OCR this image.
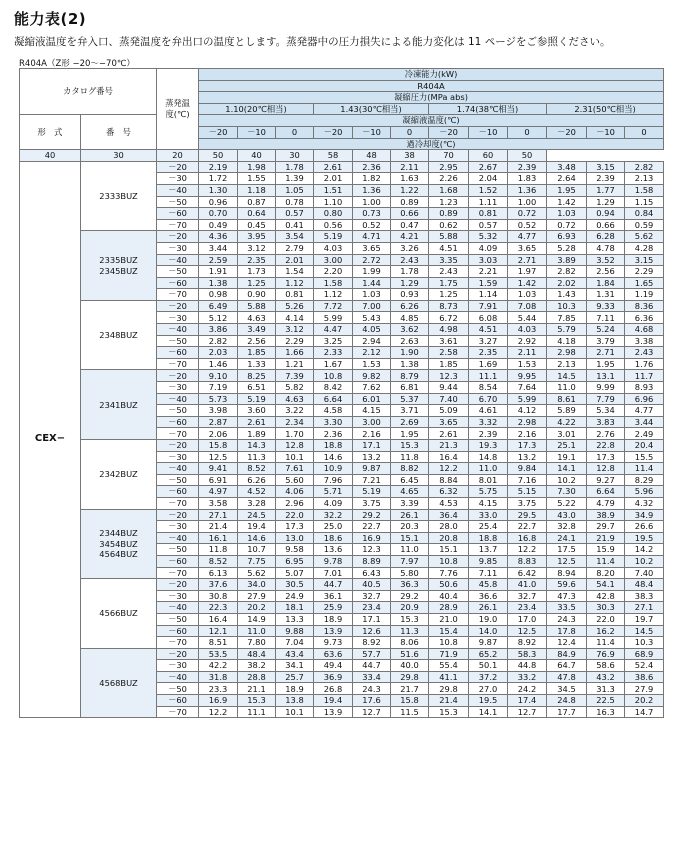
能力表(2)
凝縮液温度を弁入口、蒸発温度を弁出口の温度とします。蒸発器中の圧力損失による能力変化は 11 ページをご参照ください。
R404A（Z形 −20〜−70℃）
カタログ番号		蒸発温度(℃)	冷凍能力(kW)											
			R404A											
			凝縮圧力(MPa abs)											
			1.10(20℃相当)			1.43(30℃相当)			1.74(38℃相当)			2.31(50℃相当)		
形　式	番　号		凝縮液温度(℃)											
			－20	－10	0	－20	－10	0	－20	－10	0	－20	－10	0
			過冷却度(℃)											
40	30	20	50	40	30	58	48	38	70	60	50			
CEX−	2333BUZ	－20	2.19	1.98	1.78	2.61	2.36	2.11	2.95	2.67	2.39	3.48	3.15	2.82
		－30	1.72	1.55	1.39	2.01	1.82	1.63	2.26	2.04	1.83	2.64	2.39	2.13
		－40	1.30	1.18	1.05	1.51	1.36	1.22	1.68	1.52	1.36	1.95	1.77	1.58
		－50	0.96	0.87	0.78	1.10	1.00	0.89	1.23	1.11	1.00	1.42	1.29	1.15
		－60	0.70	0.64	0.57	0.80	0.73	0.66	0.89	0.81	0.72	1.03	0.94	0.84
		－70	0.49	0.45	0.41	0.56	0.52	0.47	0.62	0.57	0.52	0.72	0.66	0.59
	2335BUZ
2345BUZ	－20	4.36	3.95	3.54	5.19	4.71	4.21	5.88	5.32	4.77	6.93	6.28	5.62
		－30	3.44	3.12	2.79	4.03	3.65	3.26	4.51	4.09	3.65	5.28	4.78	4.28
		－40	2.59	2.35	2.01	3.00	2.72	2.43	3.35	3.03	2.71	3.89	3.52	3.15
		－50	1.91	1.73	1.54	2.20	1.99	1.78	2.43	2.21	1.97	2.82	2.56	2.29
		－60	1.38	1.25	1.12	1.58	1.44	1.29	1.75	1.59	1.42	2.02	1.84	1.65
		－70	0.98	0.90	0.81	1.12	1.03	0.93	1.25	1.14	1.03	1.43	1.31	1.19
	2348BUZ	－20	6.49	5.88	5.26	7.72	7.00	6.26	8.73	7.91	7.08	10.3	9.33	8.36
		－30	5.12	4.63	4.14	5.99	5.43	4.85	6.72	6.08	5.44	7.85	7.11	6.36
		－40	3.86	3.49	3.12	4.47	4.05	3.62	4.98	4.51	4.03	5.79	5.24	4.68
		－50	2.82	2.56	2.29	3.25	2.94	2.63	3.61	3.27	2.92	4.18	3.79	3.38
		－60	2.03	1.85	1.66	2.33	2.12	1.90	2.58	2.35	2.11	2.98	2.71	2.43
		－70	1.46	1.33	1.21	1.67	1.53	1.38	1.85	1.69	1.53	2.13	1.95	1.76
	2341BUZ	－20	9.10	8.25	7.39	10.8	9.82	8.79	12.3	11.1	9.95	14.5	13.1	11.7
		－30	7.19	6.51	5.82	8.42	7.62	6.81	9.44	8.54	7.64	11.0	9.99	8.93
		－40	5.73	5.19	4.63	6.64	6.01	5.37	7.40	6.70	5.99	8.61	7.79	6.96
		－50	3.98	3.60	3.22	4.58	4.15	3.71	5.09	4.61	4.12	5.89	5.34	4.77
		－60	2.87	2.61	2.34	3.30	3.00	2.69	3.65	3.32	2.98	4.22	3.83	3.44
		－70	2.06	1.89	1.70	2.36	2.16	1.95	2.61	2.39	2.16	3.01	2.76	2.49
	2342BUZ	－20	15.8	14.3	12.8	18.8	17.1	15.3	21.3	19.3	17.3	25.1	22.8	20.4
		－30	12.5	11.3	10.1	14.6	13.2	11.8	16.4	14.8	13.2	19.1	17.3	15.5
		－40	9.41	8.52	7.61	10.9	9.87	8.82	12.2	11.0	9.84	14.1	12.8	11.4
		－50	6.91	6.26	5.60	7.96	7.21	6.45	8.84	8.01	7.16	10.2	9.27	8.29
		－60	4.97	4.52	4.06	5.71	5.19	4.65	6.32	5.75	5.15	7.30	6.64	5.96
		－70	3.58	3.28	2.96	4.09	3.75	3.39	4.53	4.15	3.75	5.22	4.79	4.32
	2344BUZ
3454BUZ
4564BUZ	－20	27.1	24.5	22.0	32.2	29.2	26.1	36.4	33.0	29.5	43.0	38.9	34.9
		－30	21.4	19.4	17.3	25.0	22.7	20.3	28.0	25.4	22.7	32.8	29.7	26.6
		－40	16.1	14.6	13.0	18.6	16.9	15.1	20.8	18.8	16.8	24.1	21.9	19.5
		－50	11.8	10.7	9.58	13.6	12.3	11.0	15.1	13.7	12.2	17.5	15.9	14.2
		－60	8.52	7.75	6.95	9.78	8.89	7.97	10.8	9.85	8.83	12.5	11.4	10.2
		－70	6.13	5.62	5.07	7.01	6.43	5.80	7.76	7.11	6.42	8.94	8.20	7.40
	4566BUZ	－20	37.6	34.0	30.5	44.7	40.5	36.3	50.6	45.8	41.0	59.6	54.1	48.4
		－30	30.8	27.9	24.9	36.1	32.7	29.2	40.4	36.6	32.7	47.3	42.8	38.3
		－40	22.3	20.2	18.1	25.9	23.4	20.9	28.9	26.1	23.4	33.5	30.3	27.1
		－50	16.4	14.9	13.3	18.9	17.1	15.3	21.0	19.0	17.0	24.3	22.0	19.7
		－60	12.1	11.0	9.88	13.9	12.6	11.3	15.4	14.0	12.5	17.8	16.2	14.5
		－70	8.51	7.80	7.04	9.73	8.92	8.06	10.8	9.87	8.92	12.4	11.4	10.3
	4568BUZ	－20	53.5	48.4	43.4	63.6	57.7	51.6	71.9	65.2	58.3	84.9	76.9	68.9
		－30	42.2	38.2	34.1	49.4	44.7	40.0	55.4	50.1	44.8	64.7	58.6	52.4
		－40	31.8	28.8	25.7	36.9	33.4	29.8	41.1	37.2	33.2	47.8	43.2	38.6
		－50	23.3	21.1	18.9	26.8	24.3	21.7	29.8	27.0	24.2	34.5	31.3	27.9
		－60	16.9	15.3	13.8	19.4	17.6	15.8	21.4	19.5	17.4	24.8	22.5	20.2
		－70	12.2	11.1	10.1	13.9	12.7	11.5	15.3	14.1	12.7	17.7	16.3	14.7
